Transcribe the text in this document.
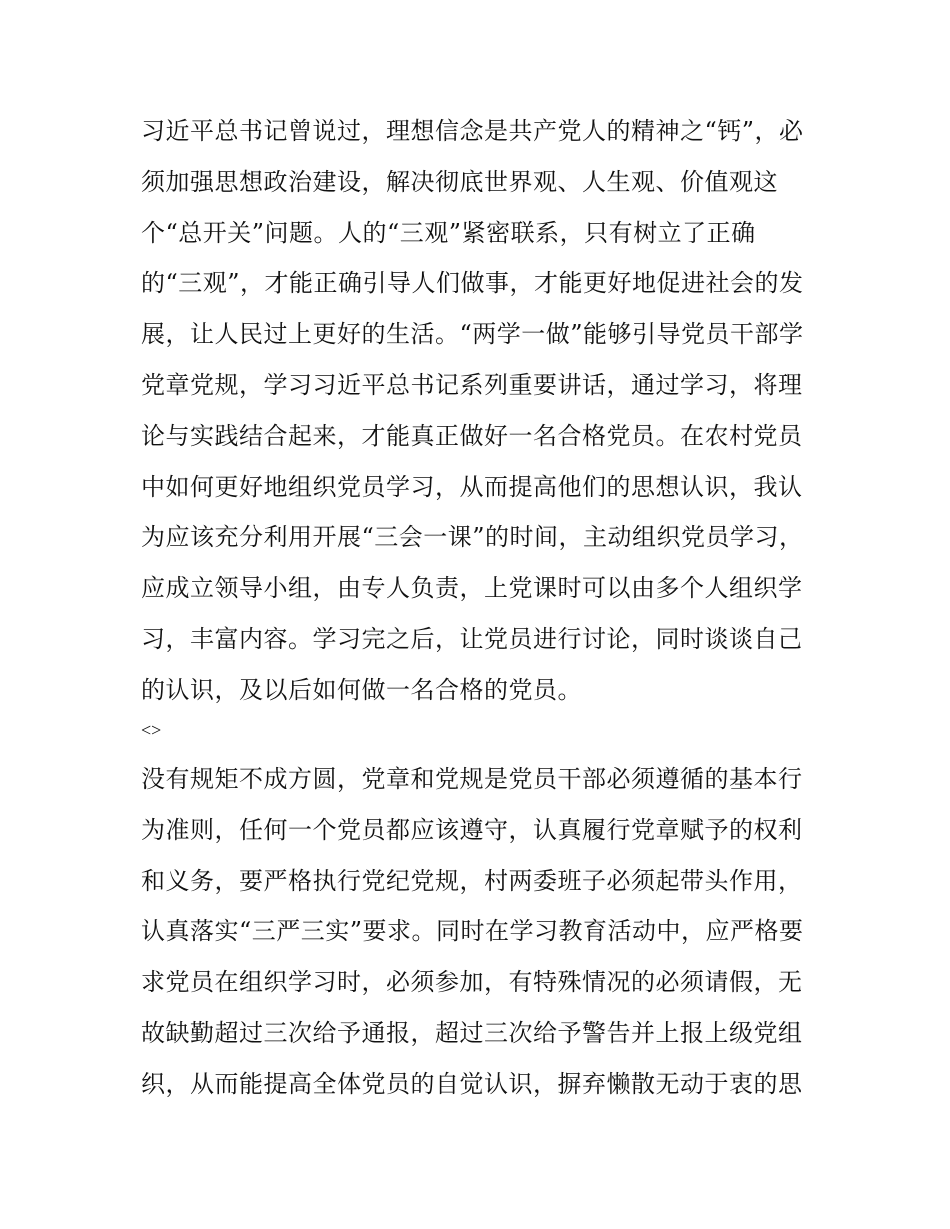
习近平总书记曾说过，理想信念是共产党人的精神之“钙”，必
须加强思想政治建设，解决彻底世界观、人生观、价值观这
个“总开关”问题。人的“三观”紧密联系，只有树立了正确
的“三观”，才能正确引导人们做事，才能更好地促进社会的发
展，让人民过上更好的生活。“两学一做”能够引导党员干部学
党章党规，学习习近平总书记系列重要讲话，通过学习，将理
论与实践结合起来，才能真正做好一名合格党员。在农村党员
中如何更好地组织党员学习，从而提高他们的思想认识，我认
为应该充分利用开展“三会一课”的时间，主动组织党员学习，
应成立领导小组，由专人负责，上党课时可以由多个人组织学
习，丰富内容。学习完之后，让党员进行讨论，同时谈谈自己
的认识，及以后如何做一名合格的党员。
<>
没有规矩不成方圆，党章和党规是党员干部必须遵循的基本行
为准则，任何一个党员都应该遵守，认真履行党章赋予的权利
和义务，要严格执行党纪党规，村两委班子必须起带头作用，
认真落实“三严三实”要求。同时在学习教育活动中，应严格要
求党员在组织学习时，必须参加，有特殊情况的必须请假，无
故缺勤超过三次给予通报，超过三次给予警告并上报上级党组
织，从而能提高全体党员的自觉认识，摒弃懒散无动于衷的思
